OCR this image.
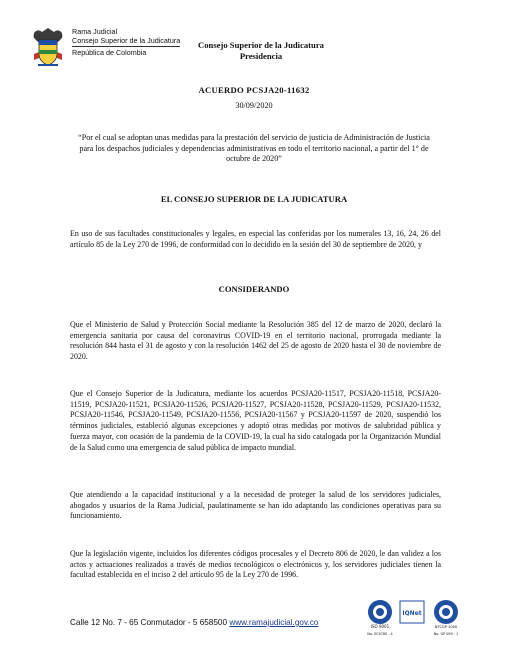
Rama Judicial
Consejo Superior de la Judicatura
República de Colombia
Consejo Superior de la Judicatura
Presidencia
ACUERDO PCSJA20-11632
30/09/2020
“Por el cual se adoptan unas medidas para la prestación del servicio de justicia de Administración de Justicia para los despachos judiciales y dependencias administrativas en todo el territorio nacional, a partir del 1° de octubre de 2020”
EL CONSEJO SUPERIOR DE LA JUDICATURA
En uso de sus facultades constitucionales y legales, en especial las conferidas por los numerales 13, 16, 24, 26 del artículo 85 de la Ley 270 de 1996, de conformidad con lo decidido en la sesión del 30 de septiembre de 2020, y
CONSIDERANDO
Que el Ministerio de Salud y Protección Social mediante la Resolución 385 del 12 de marzo de 2020, declaró la emergencia sanitaria por causa del coronavirus COVID-19 en el territorio nacional, prorrogada mediante la resolución 844 hasta el 31 de agosto y con la resolución 1462 del 25 de agosto de 2020 hasta el 30 de noviembre de 2020.
Que el Consejo Superior de la Judicatura, mediante los acuerdos PCSJA20-11517, PCSJA20-11518, PCSJA20-11519, PCSJA20-11521, PCSJA20-11526, PCSJA20-11527, PCSJA20-11528, PCSJA20-11529, PCSJA20-11532, PCSJA20-11546, PCSJA20-11549, PCSJA20-11556, PCSJA20-11567 y PCSJA20-11597 de 2020, suspendió los términos judiciales, estableció algunas excepciones y adoptó otras medidas por motivos de salubridad pública y fuerza mayor, con ocasión de la pandemia de la COVID-19, la cual ha sido catalogada por la Organización Mundial de la Salud como una emergencia de salud pública de impacto mundial.
Que atendiendo a la capacidad institucional y a la necesidad de proteger la salud de los servidores judiciales, abogados y usuarios de la Rama Judicial, paulatinamente se han ido adaptando las condiciones operativas para su funcionamiento.
Que la legislación vigente, incluidos los diferentes códigos procesales y el Decreto 806 de 2020, le dan validez a los actos y actuaciones realizados a través de medios tecnológicos o electrónicos y, los servidores judiciales tienen la facultad establecida en el inciso 2 del artículo 95 de la Ley 270 de 1996.
Calle 12 No. 7 - 65 Conmutador - 5 658500 www.ramajudicial.gov.co	ISO 9001
No. SC5780 - 4
IQNet
NTCGP 1000
No. GP 059 - 1
